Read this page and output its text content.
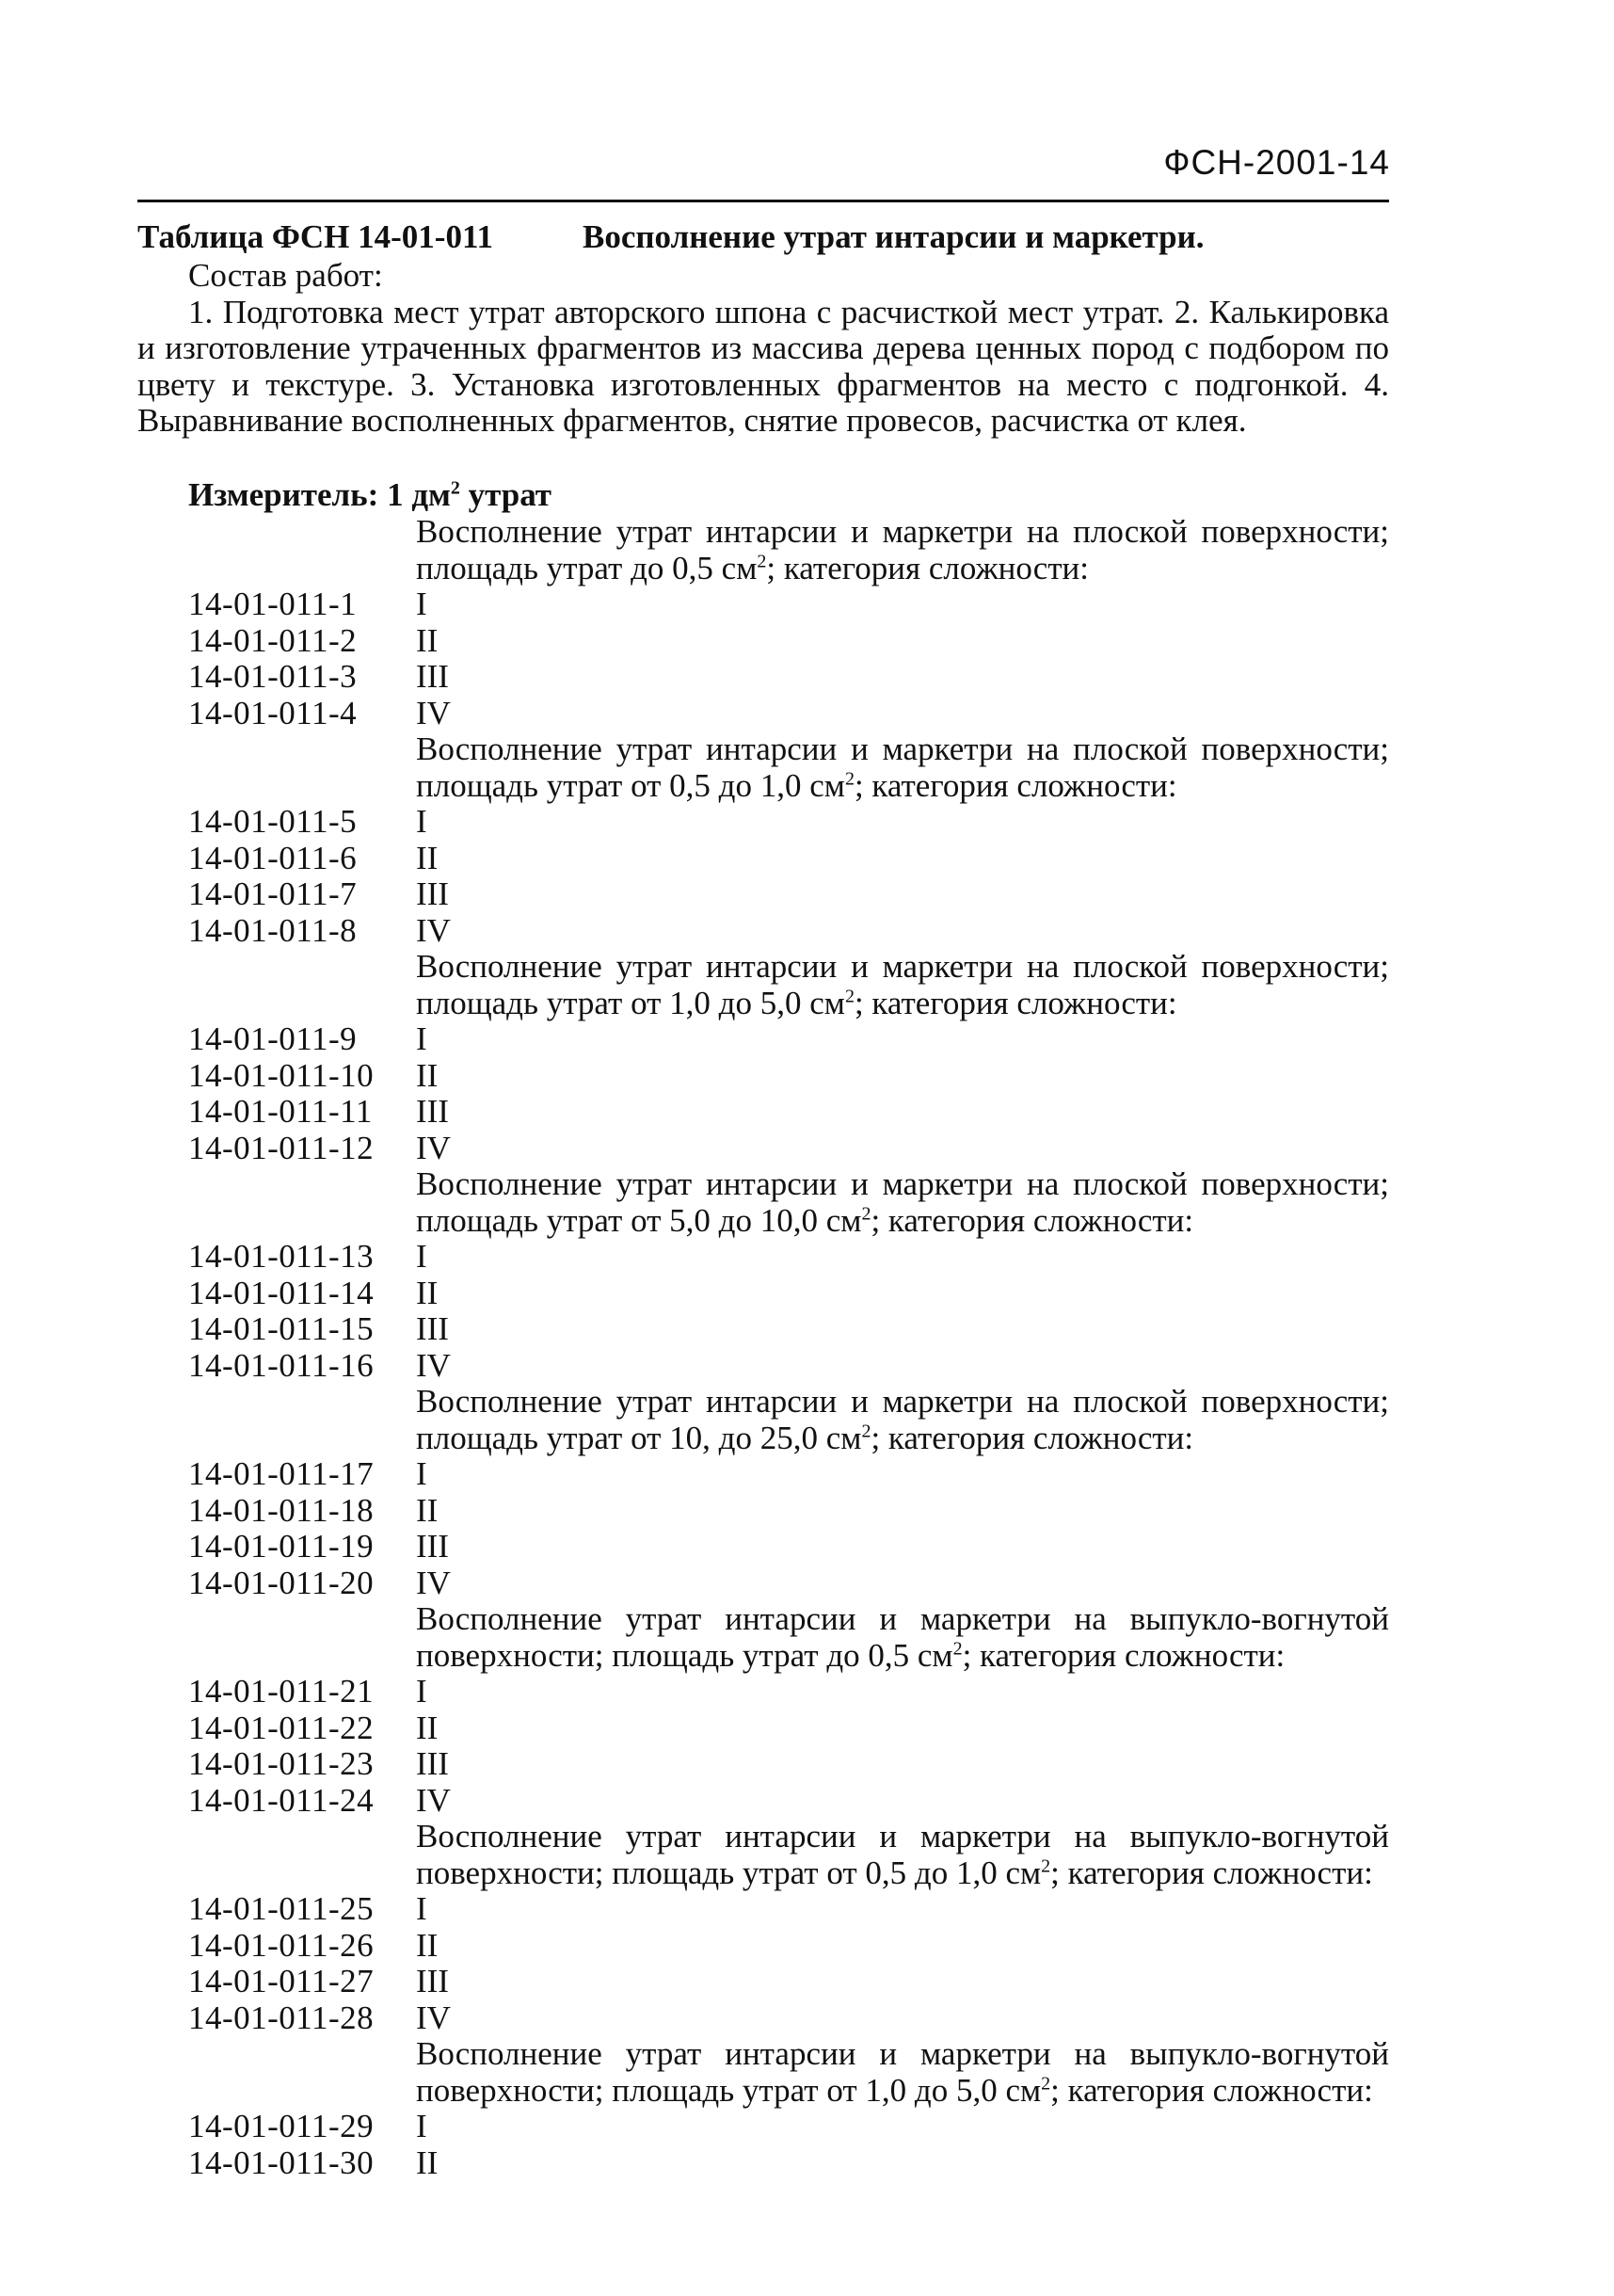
ФСН-2001-14
Таблица ФСН 14-01-011	Восполнение утрат интарсии и маркетри.
Состав работ:
1. Подготовка мест утрат авторского шпона с расчисткой мест утрат. 2. Калькировка и изготовление утраченных фрагментов из массива дерева ценных пород с подбором по цвету и текстуре. 3. Установка изготовленных фрагментов на место с подгонкой. 4. Выравнивание восполненных фрагментов, снятие провесов, расчистка от клея.
Измеритель: 1 $дм^2$ утрат
Восполнение утрат интарсии и маркетри на плоской поверхности; площадь утрат до 0,5 $см^2$; категория сложности:
14-01-011-1	I
14-01-011-2	II
14-01-011-3	III
14-01-011-4	IV
Восполнение утрат интарсии и маркетри на плоской поверхности; площадь утрат от 0,5 до 1,0 $см^2$; категория сложности:
14-01-011-5	I
14-01-011-6	II
14-01-011-7	III
14-01-011-8	IV
Восполнение утрат интарсии и маркетри на плоской поверхности; площадь утрат от 1,0 до 5,0 $см^2$; категория сложности:
14-01-011-9	I
14-01-011-10	II
14-01-011-11	III
14-01-011-12	IV
Восполнение утрат интарсии и маркетри на плоской поверхности; площадь утрат от 5,0 до 10,0 $см^2$; категория сложности:
14-01-011-13	I
14-01-011-14	II
14-01-011-15	III
14-01-011-16	IV
Восполнение утрат интарсии и маркетри на плоской поверхности; площадь утрат от 10, до 25,0 $см^2$; категория сложности:
14-01-011-17	I
14-01-011-18	II
14-01-011-19	III
14-01-011-20	IV
Восполнение утрат интарсии и маркетри на выпукло-вогнутой поверхности; площадь утрат до 0,5 $см^2$; категория сложности:
14-01-011-21	I
14-01-011-22	II
14-01-011-23	III
14-01-011-24	IV
Восполнение утрат интарсии и маркетри на выпукло-вогнутой поверхности; площадь утрат от 0,5 до 1,0 $см^2$; категория сложности:
14-01-011-25	I
14-01-011-26	II
14-01-011-27	III
14-01-011-28	IV
Восполнение утрат интарсии и маркетри на выпукло-вогнутой поверхности; площадь утрат от 1,0 до 5,0 $см^2$; категория сложности:
14-01-011-29	I
14-01-011-30	II
